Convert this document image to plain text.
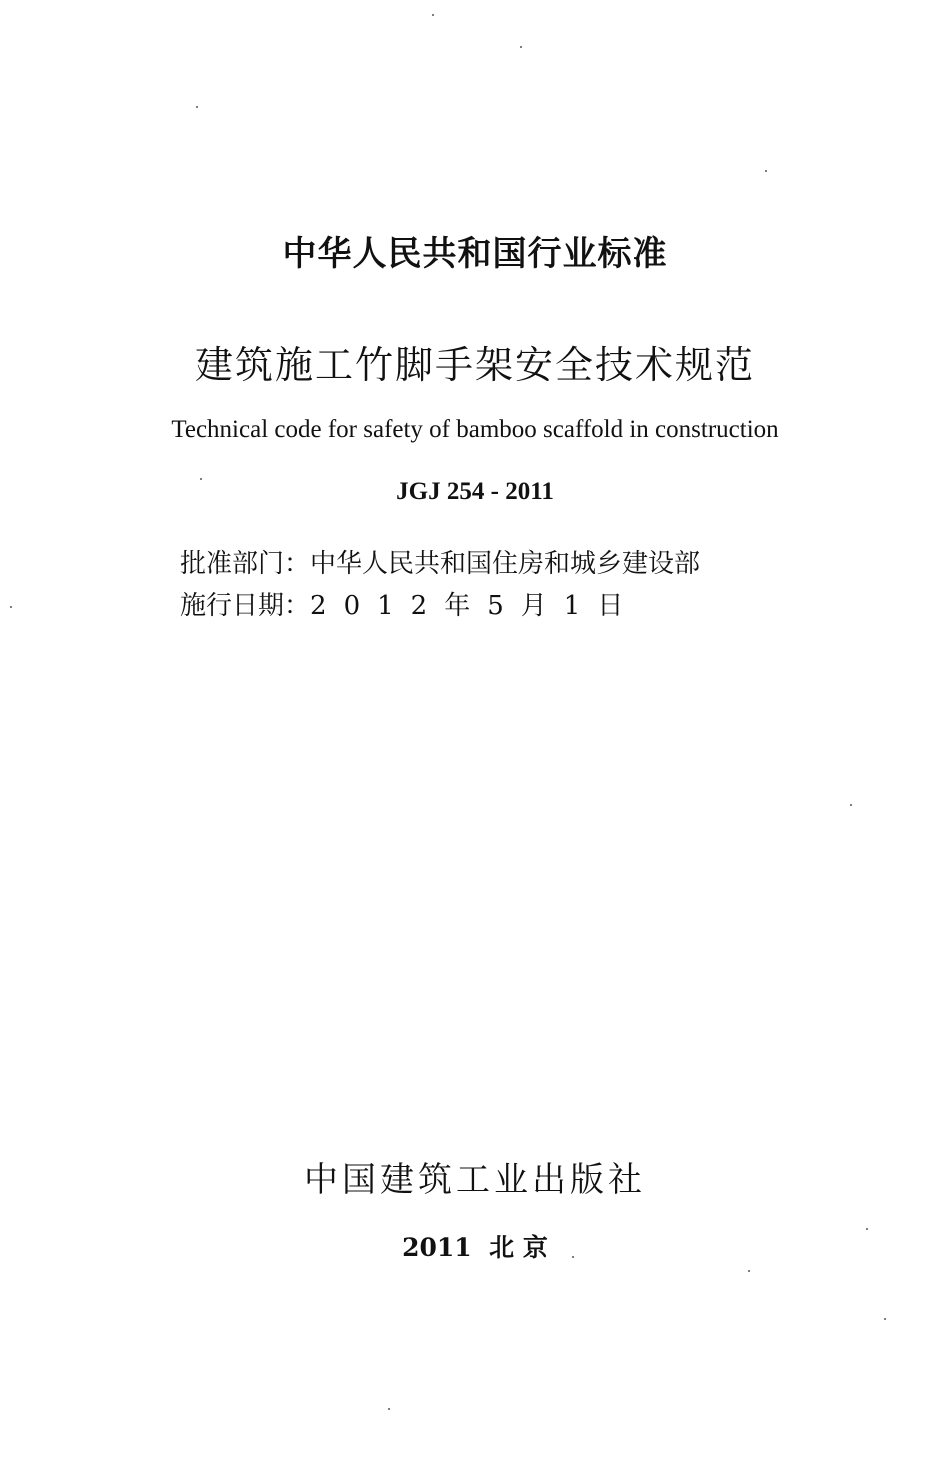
中华人民共和国行业标准
建筑施工竹脚手架安全技术规范
Technical code for safety of bamboo scaffold in construction
JGJ 254 - 2011
批准部门：中华人民共和国住房和城乡建设部
施行日期：2 0 1 2 年 5 月 1 日
中国建筑工业出版社
2011 北 京
